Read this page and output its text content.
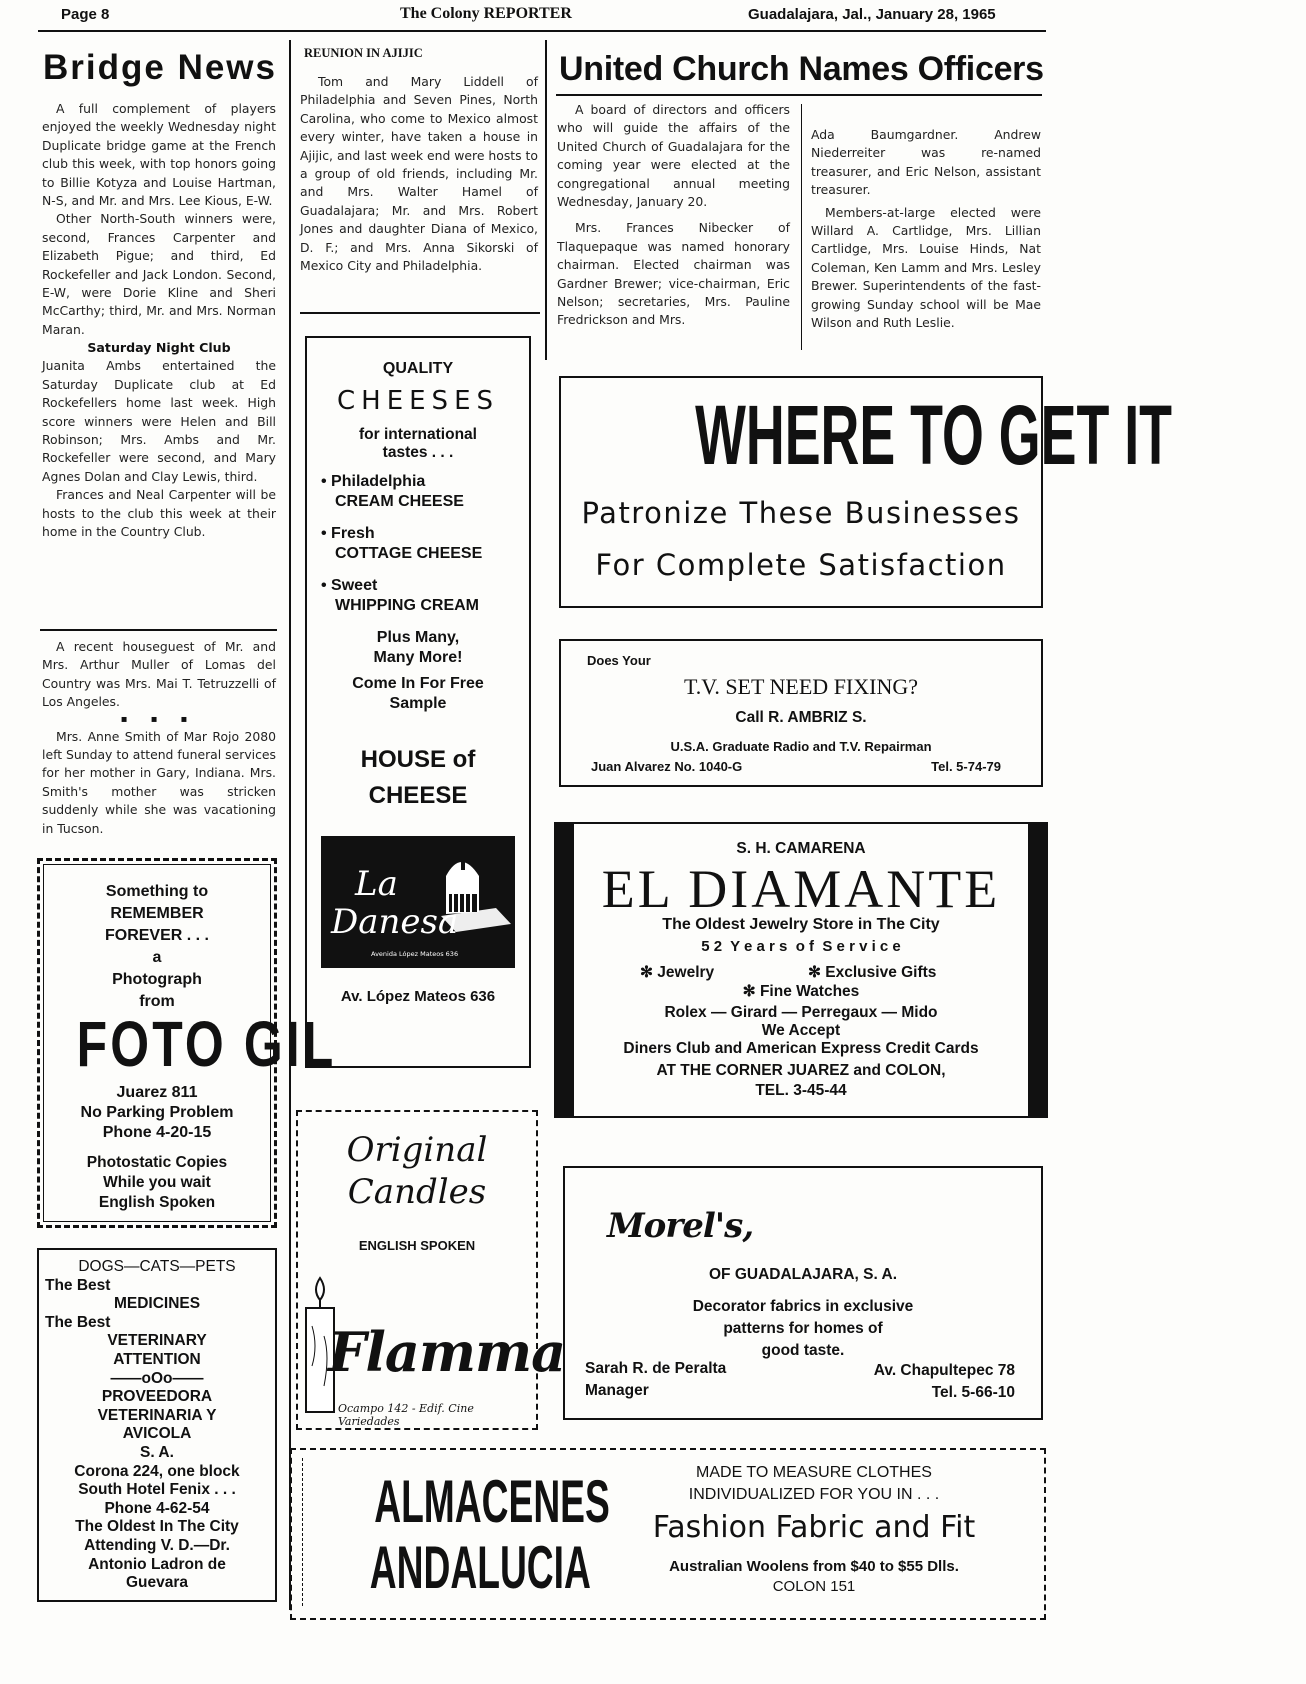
Page 8	The Colony REPORTER	Guadalajara, Jal., January 28, 1965
Bridge News

A full complement of players enjoyed the weekly Wednesday night Duplicate bridge game at the French club this week, with top honors going to Billie Kotyza and Louise Hartman, N-S, and Mr. and Mrs. Lee Kious, E-W.

Other North-South winners were, second, Frances Carpenter and Elizabeth Pigue; and third, Ed Rockefeller and Jack London. Second, E-W, were Dorie Kline and Sheri McCarthy; third, Mr. and Mrs. Norman Maran.

Saturday Night Club

Juanita Ambs entertained the Saturday Duplicate club at Ed Rockefellers home last week. High score winners were Helen and Bill Robinson; Mrs. Ambs and Mr. Rockefeller were second, and Mary Agnes Dolan and Clay Lewis, third.

Frances and Neal Carpenter will be hosts to the club this week at their home in the Country Club.

A recent houseguest of Mr. and Mrs. Arthur Muller of Lomas del Country was Mrs. Mai T. Tetruzzelli of Los Angeles.

▪ ▪ ▪

Mrs. Anne Smith of Mar Rojo 2080 left Sunday to attend funeral services for her mother in Gary, Indiana. Mrs. Smith's mother was stricken suddenly while she was vacationing in Tucson.

Something to
REMEMBER
FOREVER . . .
a
Photograph
from
FOTO GIL
Juarez 811
No Parking Problem
Phone 4-20-15
Photostatic Copies
While you wait
English Spoken
DOGS—CATS—PETS
The Best
MEDICINES
The Best
VETERINARY
ATTENTION
——oOo——
PROVEEDORA
VETERINARIA Y
AVICOLA
S. A.
Corona 224, one block
South Hotel Fenix . . .
Phone 4-62-54
The Oldest In The City
Attending V. D.—Dr.
Antonio Ladron de
Guevara
REUNION IN AJIJIC

Tom and Mary Liddell of Philadelphia and Seven Pines, North Carolina, who come to Mexico almost every winter, have taken a house in Ajijic, and last week end were hosts to a group of old friends, including Mr. and Mrs. Walter Hamel of Guadalajara; Mr. and Mrs. Robert Jones and daughter Diana of Mexico, D. F.; and Mrs. Anna Sikorski of Mexico City and Philadelphia.

QUALITY
CHEESES
for international
tastes . . .
• Philadelphia
CREAM CHEESE
• Fresh
COTTAGE CHEESE
• Sweet
WHIPPING CREAM
Plus Many,
Many More!
Come In For Free
Sample
HOUSE of
CHEESE
La
Danesa
Avenida López Mateos 636
Av. López Mateos 636
Original
Candles
ENGLISH SPOKEN
Flamma
Ocampo 142 - Edif. Cine Variedades
United Church Names Officers

A board of directors and officers who will guide the affairs of the United Church of Guadalajara for the coming year were elected at the congregational annual meeting Wednesday, January 20.

Mrs. Frances Nibecker of Tlaquepaque was named honorary chairman. Elected chairman was Gardner Brewer; vice-chairman, Eric Nelson; secretaries, Mrs. Pauline Fredrickson and Mrs.

Ada Baumgardner. Andrew Niederreiter was re-named treasurer, and Eric Nelson, assistant treasurer.

Members-at-large elected were Willard A. Cartlidge, Mrs. Lillian Cartlidge, Mrs. Louise Hinds, Nat Coleman, Ken Lamm and Mrs. Lesley Brewer. Superintendents of the fast-growing Sunday school will be Mae Wilson and Ruth Leslie.

WHERE TO GET IT
Patronize These Businesses
For Complete Satisfaction
Does Your
T.V. SET NEED FIXING?
Call R. AMBRIZ S.
U.S.A. Graduate Radio and T.V. Repairman
Juan Alvarez No. 1040-G	Tel. 5-74-79
S. H. CAMARENA
EL DIAMANTE
The Oldest Jewelry Store in The City
5 2  Y e a r s  o f  S e r v i c e
✻ Jewelry	✻ Exclusive Gifts
✻ Fine Watches
Rolex — Girard — Perregaux — Mido
We Accept
Diners Club and American Express Credit Cards
AT THE CORNER JUAREZ and COLON,
TEL. 3-45-44
Morel's,
OF GUADALAJARA, S. A.
Decorator fabrics in exclusive
patterns for homes of
good taste.
Sarah R. de Peralta
Manager
Av. Chapultepec 78
Tel. 5-66-10
ALMACENES
ANDALUCIA
MADE TO MEASURE CLOTHES
INDIVIDUALIZED FOR YOU IN . . .
Fashion Fabric and Fit
Australian Woolens from $40 to $55 Dlls.
COLON 151
